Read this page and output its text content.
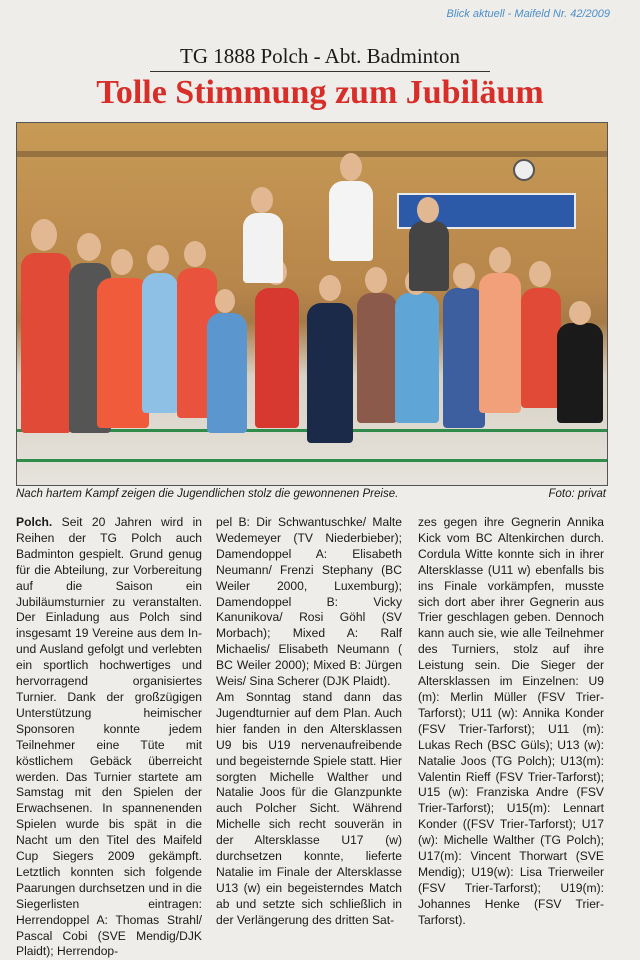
Blick aktuell - Maifeld Nr. 42/2009
TG 1888 Polch - Abt. Badminton
Tolle Stimmung zum Jubiläum
Nach hartem Kampf zeigen die Jugendlichen stolz die gewonnenen Preise.	Foto: privat

Polch. Seit 20 Jahren wird in Reihen der TG Polch auch Badminton gespielt. Grund genug für die Abteilung, zur Vorbereitung auf die Saison ein Jubiläumsturnier zu veranstalten. Der Einladung aus Polch sind insgesamt 19 Vereine aus dem In- und Ausland gefolgt und verlebten ein sportlich hochwertiges und hervorragend organisiertes Turnier. Dank der großzügigen Unterstützung heimischer Sponsoren konnte jedem Teilnehmer eine Tüte mit köstlichem Gebäck überreicht werden. Das Turnier startete am Samstag mit den Spielen der Erwachsenen. In spannenenden Spielen wurde bis spät in die Nacht um den Titel des Maifeld Cup Siegers 2009 gekämpft. Letztlich konnten sich folgende Paarungen durchsetzen und in die Siegerlisten eintragen: Herrendoppel A: Thomas Strahl/ Pascal Cobi (SVE Mendig/DJK Plaidt); Herrendop-

pel B: Dir Schwantuschke/ Malte Wedemeyer (TV Niederbieber); Damendoppel A: Elisabeth Neumann/ Frenzi Stephany (BC Weiler 2000, Luxemburg); Damendoppel B: Vicky Kanunikova/ Rosi Göhl (SV Morbach); Mixed A: Ralf Michaelis/ Elisabeth Neumann ( BC Weiler 2000); Mixed B: Jürgen Weis/ Sina Scherer (DJK Plaidt).

Am Sonntag stand dann das Jugendturnier auf dem Plan. Auch hier fanden in den Altersklassen U9 bis U19 nervenaufreibende und begeisternde Spiele statt. Hier sorgten Michelle Walther und Natalie Joos für die Glanzpunkte auch Polcher Sicht. Während Michelle sich recht souverän in der Altersklasse U17 (w) durchsetzen konnte, lieferte Natalie im Finale der Altersklasse U13 (w) ein begeisterndes Match ab und setzte sich schließlich in der Verlängerung des dritten Sat-

zes gegen ihre Gegnerin Annika Kick vom BC Altenkirchen durch. Cordula Witte konnte sich in ihrer Altersklasse (U11 w) ebenfalls bis ins Finale vorkämpfen, musste sich dort aber ihrer Gegnerin aus Trier geschlagen geben. Dennoch kann auch sie, wie alle Teilnehmer des Turniers, stolz auf ihre Leistung sein. Die Sieger der Altersklassen im Einzelnen: U9 (m): Merlin Müller (FSV Trier-Tarforst); U11 (w): Annika Konder (FSV Trier-Tarforst); U11 (m): Lukas Rech (BSC Güls); U13 (w): Natalie Joos (TG Polch); U13(m): Valentin Rieff (FSV Trier-Tarforst); U15 (w): Franziska Andre (FSV Trier-Tarforst); U15(m): Lennart Konder ((FSV Trier-Tarforst); U17 (w): Michelle Walther (TG Polch); U17(m): Vincent Thorwart (SVE Mendig); U19(w): Lisa Trierweiler (FSV Trier-Tarforst); U19(m): Johannes Henke (FSV Trier-Tarforst).
